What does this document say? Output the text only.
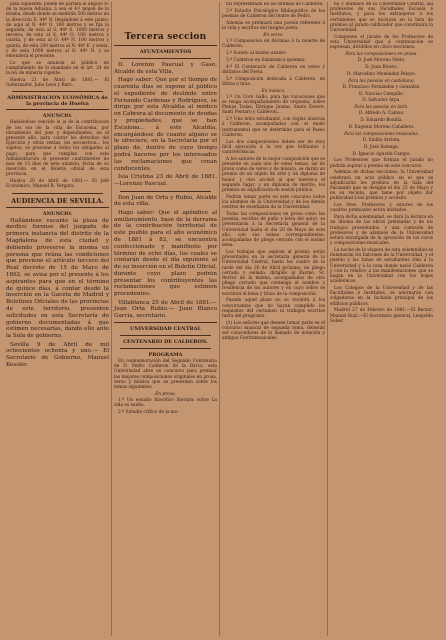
pata siguiente: puede de partida el ángulo N. de la nueva Aduana, á sea el 4.º mojon de la misma, desde donde se medirán 500 metros en la dirección E. 44º N. llegándose á este punto; de aquí al N. 44º O. 100 metros y se fija la segunda; de esta al S. 44º S. 1000 metros y tercera; de esta al S. 44º O. 100 metros y cuarta, y de esta al O. 44º N. 100 metros y quinta, de esta 200 metros al N. 44º E. y sexta, y de esta 1000 metros al O. 44º N. y se entenderá el presente.

Lo que se anuncia al público en cumplimiento de lo mandado en el art. 24 de la ley de minería vigente.

Huelva 21 de Abril de 1881.— El Gobernador, Julio Leon y Barr...

ADMINISTRACION ECONÓMICA de la provincia de Huelva
ANUNCIO.

Habiéndose vencido la ja de la contribución de los sos de la villa de Escacena, por libramiento del juez y dependientes, en el presente año, para cobrar los derechos del Ejercicio y otras rentas, los secuestros... los sujetos; se previene á todos los obligados al pago, para que cumplan con esta Administración el presente cuatrimestre de mas de 15 dias de este anuncio, fecha de su inserción en el Boletín oficial de esta provincia.

Huelva 20 de Abril de 1881.— El Jefe Económico, Manuel B. Vergara.

AUDIENCIA DE SEVILLA.
ANUNCIO.

Hallándose vacante la plaza de médico forense del juzgado de primera instancia del distrito de la Magdalena de esta ciudad y debiendo proveerse la misma en persona que reúna las condiciones que previene el artículo tercero del Real decreto de 15 de Mayo de 1862, se avisa por el presente á los aspirantes para que en el término de quince días, á contar desde la inserción en la Gaceta de Madrid y Boletines Oficiales de las provincias de este territorio, presenten solicitudes en esta Secretaría de gobierno documentadas á que estimen necesarias, dando ello ante la Sala de gobierno.

Sevilla 9 de Abril de mil ochocientos ochenta y uno.— El Secretario de Gobierno, Manuel Kessler.

Tercera seccion
AYUNTAMIENTOS

D. Lorenzo Pascual y Gaso, Alcalde de esta Villa.

Hago saber: Que por el tiempo de cuarenta dias se expone al público el expediente de deslinde entre Fernando Cardenas y Rodríguez, se dirige por esta Alcaldía al médico en Cabrera al documento de deudas y propiedades, que se han Escalona... á este Alcaldía, encargándose de cuanto alguno se le ofreciere, en la Secretaría por el plazo de, dentro de cuyo tiempo podrá hacerse por los interesados las reclamaciones que crean conducentes.

Isla Cristina 23 de Abril de 1881.—Lorenzo Pascual.

Don Juan de Orta y Rubio, Alcalde de esta villa.

Hago saber: Que el apéndice al amillaramiento, base de la derrama de la contribución territorial de este pueblo para el año económico de 1881 á 82, se encuentra confeccionado y manifiesto por término de ocho días, los cuales se contarán desde el día siguiente al de su inserción en el Boletín Oficial, durante cuyo plazo podrán presentar los contribuyentes las reclamaciones que estimen procedentes.

Villablanca 25 de Abril de 1881.—Juan Orta Rubio.— Juan Blanco Garcia, secretario.

UNIVERSIDAD CENTRAL
CENTENARIO DE CALDERON.
PROGRAMA

En conmemoración del Segundo Centenario de D. Pedro Calderon de la Barca, esta Universidad abre un concurso para premiar las mejores composiciones originales en prosa, verso y música que se presenten sobre los temas siguientes:

En prosa.

1.º Un estudio filosófico literario sobre La vida es sueño.

2.º Estudio crítico de la mo-

ral representada en los dramas de Calderon.

3.º Estudio Psicológico Bibliográfico de los poemas de Calderon del teatro de Pedro.

Además se premiará una poesía referente á la vida y escritos del insigne poeta.

En verso.

1.º Composicion en décimas á la muerte de Calderon.

2.º Soneto al mismo asunto.

3.º Calderon en Salamanca (poema).

4.º El Centenario de Calderon en verso y distintos del Poeta.

5.º Composicion dedicada á Calderon, en Silvas ó liras.

En música.

1.º Un Coro Gallo, para las vacaciones que se tenga acompañamiento de orquesta, sobre Plenas Todas, Enrique Jaume, Santo Esteve, Santi Pentaro y Calderon...

2.º Una letra estudiantil, con reglas alusivas á Calderon, acompañadas con el modo instrumental que se determine para el Paseo Calderon.

Las dos composiciones deben ser de muy fácil ejecución á la vez que brillantes y características.

A los autores de la mejor composición que se presente en cada uno de estos temas, así de prosa como de verso y de música, se darán un premio de un objeto de arte y un diploma de honor, y otro accésit al que merezca el segundo lugar, y un diploma de mérito; los premios se adjudicarán en sesión pública.

Podrán tomar parte en este concurso todos los alumnos de la Universidad y de los demás centros de enseñanza de la Universidad.

Todas las composiciones en prosa como las poesías, escritas de puño y letra del autor, se presentarán á la Secretaría general de la Universidad hasta el día 20 de Mayo de este año, con sus lemas correspondientes, acompañadas de pliego cerrado con el mismo lema.

Los trabajos que aspiran al premio serán presentados en la secretaría general de la Universidad Central, hasta las cuatro de la tarde del día 20 de Abril próximo, en pliego cerrado y sellado, dirigido al Excmo. Sr. Rector de la misma, acompañados de otro pliego cerrado que contenga el nombre y residencia de los autores y en cuyo sobre se escribirá el lema y título de la composición.

Pasado aquel plazo no se recibirá á los concursantes que no hayan cumplido los requisitos del certamen ni trabajos escritos fuera del programa.

(1) Los señores que deseen tomar parte en el concurso musical de segunda tema, deberán ser conocedores de lo llamado de notación y antigua Centramusicales.

no y alumnos de la Universidad Central, así profesores de sus Facultades Escuela é Institutos, y para los extranjeros á los certámenes que se incluyan en la lista de premios al jurado calificador que constituirá la Universidad.

Componen el jurado de los Profesores de esta Universidad que á continuación se expresan, divididos en cinco secciones.

Para las composiciones en prosa.

D. José Moreno Nieto.

D. Juan Rivero.

D. Marcelino Menéndez Pelayo.

Para las poesías en castellano.

D. Francisco Fernández y González.

D. Narciso Campillo.

D. Salvador Arpa.

Para las poesías en latín.

D. Alfredo A. Camus.

D. Eduardo Bonilla.

D. Eugenio Moreno Caballero.

Para las composiciones musicales.

D. Emilio Arrieta.

D. José Inzenga.

D. Ignacio Agustín Campo.

Los Profesores que forman el jurado no podrán aspirar á premio en este concurso.

Además de dichas secciones, la Universidad celebrará un acto público en el que se adjudicarán los premios en la Sala del Paraninfo que se designe el día 25 de Mayo y en su recinto, que tiene por objeto dar publicidad á los premios y accésits.

Los Sres. Profesores y autores de los cuadros premiados serán invitados.

Para dicha solemnidad, se dará la lectura en un idioma de las obras premiadas y de los trabajos presentados, y una comisión de profesores y de alumnos de la Universidad estará encargada de la ejecución de los coros y composiciones musicales.

La noche de la víspera de esta solemnidad se iluminarán los balcones de la Universidad, y el pueblo y las tunas de estudiantes irán á la Universidad y á la casa donde nació Calderon y con lo relativo á las manifestaciones que se hagan en la Universidad con los trajes académicos.

Los Colegios de la Universidad y de las Facultades é Institutos, se adornarán con colgaduras en la fachada principal de los edificios públicos.

Madrid 27 de Febrero de 1881.—El Rector, Manuel Ruiz.—El Secretario general, Leopoldo Solier.
